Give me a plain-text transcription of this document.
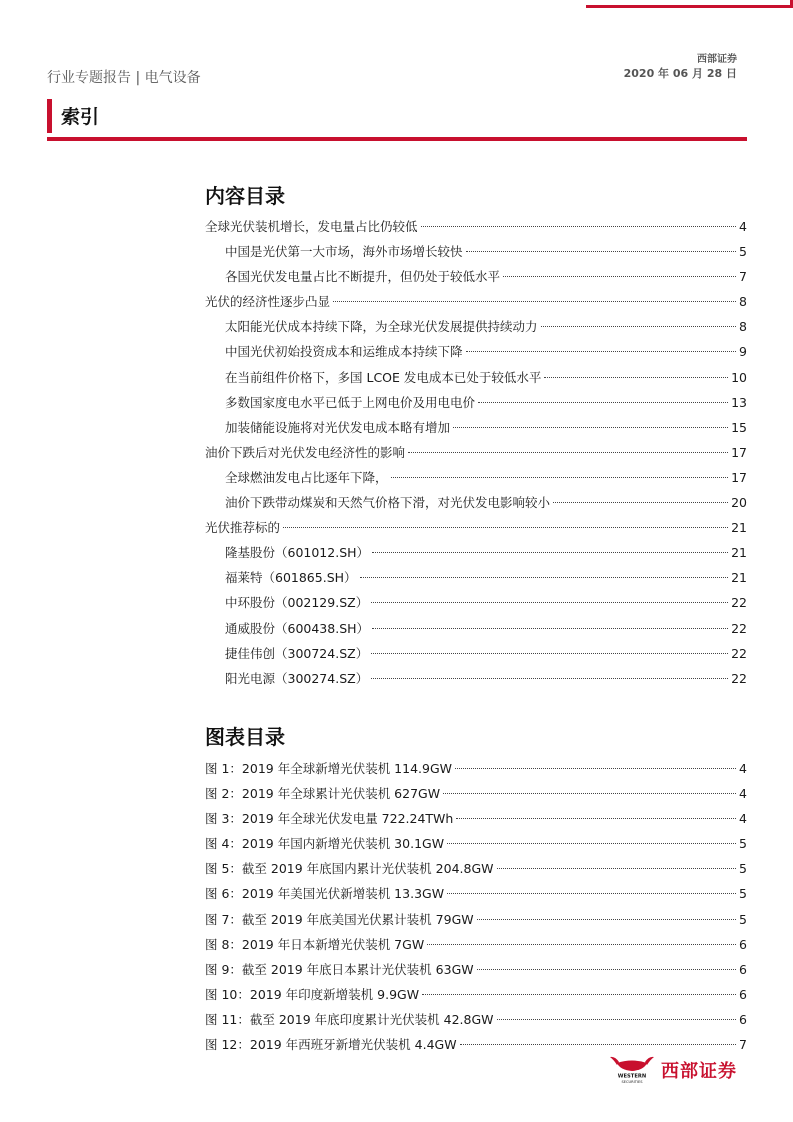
西部证券
2020 年 06 月 28 日
行业专题报告 | 电气设备
索引
内容目录
全球光伏装机增长，发电量占比仍较低	4
中国是光伏第一大市场，海外市场增长较快	5
各国光伏发电量占比不断提升，但仍处于较低水平	7
光伏的经济性逐步凸显	8
太阳能光伏成本持续下降，为全球光伏发展提供持续动力	8
中国光伏初始投资成本和运维成本持续下降	9
在当前组件价格下，多国 LCOE 发电成本已处于较低水平	10
多数国家度电水平已低于上网电价及用电电价	13
加装储能设施将对光伏发电成本略有增加	15
油价下跌后对光伏发电经济性的影响	17
全球燃油发电占比逐年下降，	17
油价下跌带动煤炭和天然气价格下滑，对光伏发电影响较小	20
光伏推荐标的	21
隆基股份（601012.SH）	21
福莱特（601865.SH）	21
中环股份（002129.SZ）	22
通威股份（600438.SH）	22
捷佳伟创（300724.SZ）	22
阳光电源（300274.SZ）	22
图表目录
图 1：2019 年全球新增光伏装机 114.9GW	4
图 2：2019 年全球累计光伏装机 627GW	4
图 3：2019 年全球光伏发电量 722.24TWh	4
图 4：2019 年国内新增光伏装机 30.1GW	5
图 5：截至 2019 年底国内累计光伏装机 204.8GW	5
图 6：2019 年美国光伏新增装机 13.3GW	5
图 7：截至 2019 年底美国光伏累计装机 79GW	5
图 8：2019 年日本新增光伏装机 7GW	6
图 9：截至 2019 年底日本累计光伏装机 63GW	6
图 10：2019 年印度新增装机 9.9GW	6
图 11：截至 2019 年底印度累计光伏装机 42.8GW	6
图 12：2019 年西班牙新增光伏装机 4.4GW	7
WESTERN
SECURITIES 西部证券
